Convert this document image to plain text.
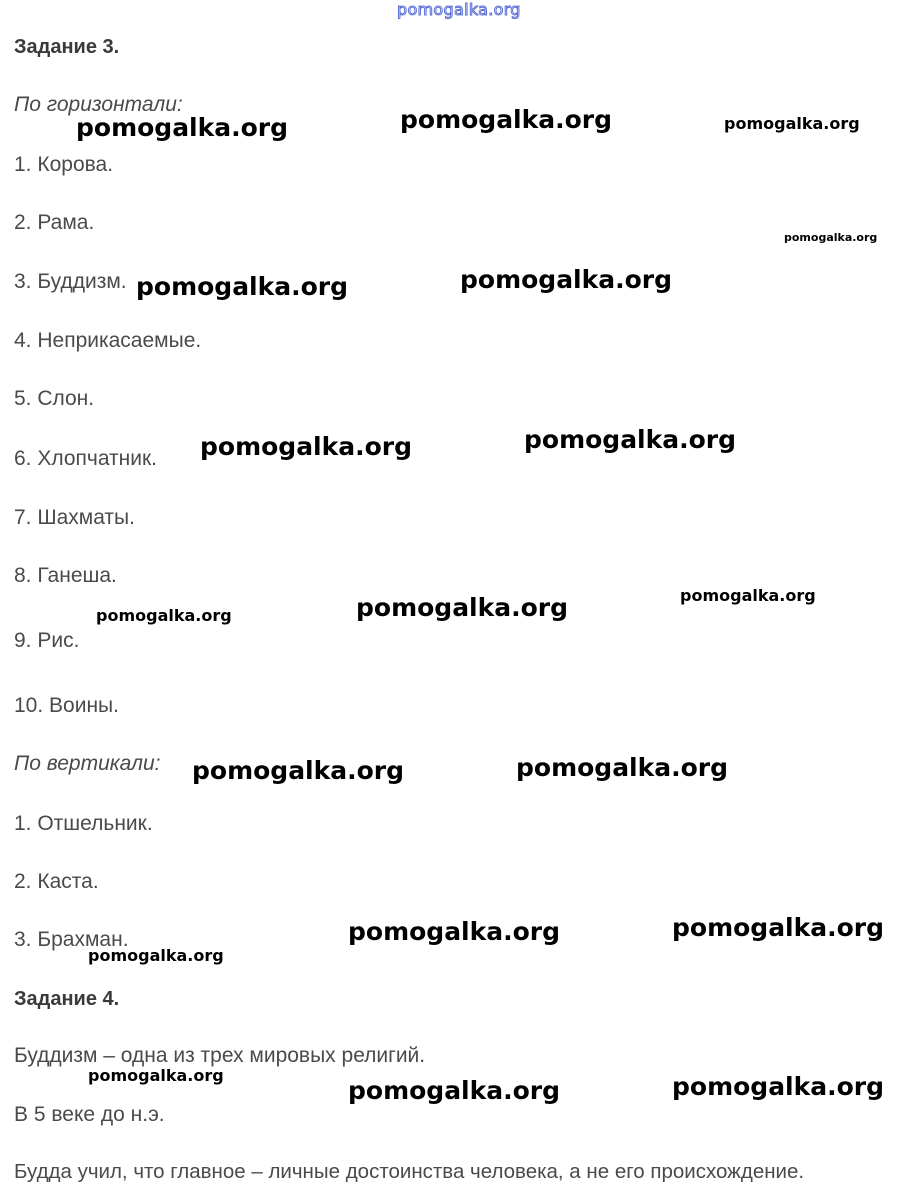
pomogalka.org
Задание 3.
По горизонтали:
1. Корова.
2. Рама.
3. Буддизм.
4. Неприкасаемые.
5. Слон.
6. Хлопчатник.
7. Шахматы.
8. Ганеша.
9. Рис.
10. Воины.
По вертикали:
1. Отшельник.
2. Каста.
3. Брахман.
Задание 4.
Буддизм – одна из трех мировых религий.
В 5 веке до н.э.
Будда учил, что главное – личные достоинства человека, а не его происхождение.
pomogalka.org	pomogalka.org	pomogalka.org
pomogalka.org
pomogalka.org	pomogalka.org
pomogalka.org	pomogalka.org
pomogalka.org
pomogalka.org	pomogalka.org
pomogalka.org	pomogalka.org
pomogalka.org	pomogalka.org
pomogalka.org
pomogalka.org
pomogalka.org	pomogalka.org
